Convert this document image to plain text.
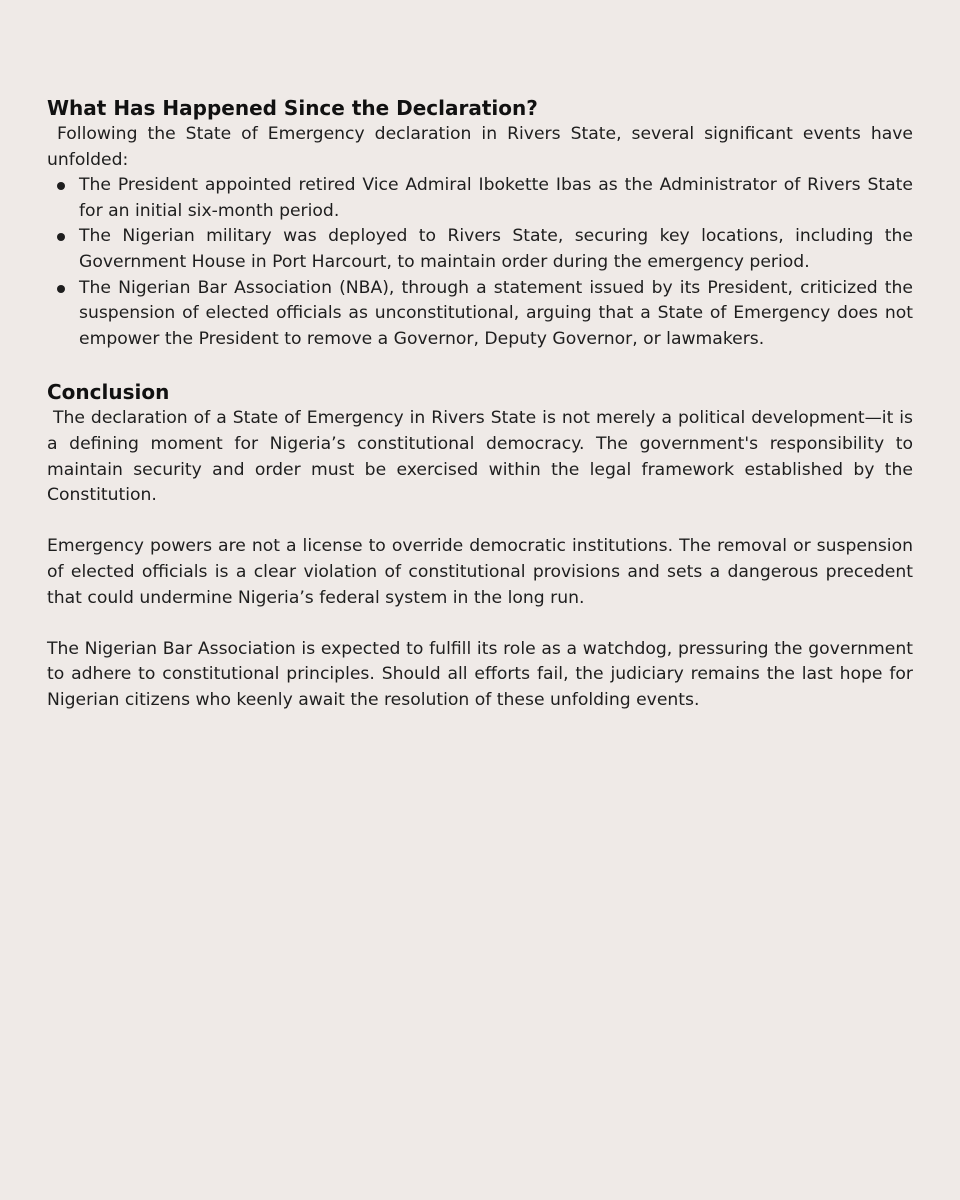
What Has Happened Since the Declaration?

Following the State of Emergency declaration in Rivers State, several significant events have unfolded:

The President appointed retired Vice Admiral Ibokette Ibas as the Administrator of Rivers State for an initial six-month period.
The Nigerian military was deployed to Rivers State, securing key locations, including the Government House in Port Harcourt, to maintain order during the emergency period.
The Nigerian Bar Association (NBA), through a statement issued by its President, criticized the suspension of elected officials as unconstitutional, arguing that a State of Emergency does not empower the President to remove a Governor, Deputy Governor, or lawmakers.
Conclusion

The declaration of a State of Emergency in Rivers State is not merely a political development—it is a defining moment for Nigeria’s constitutional democracy. The government's responsibility to maintain security and order must be exercised within the legal framework established by the Constitution.

Emergency powers are not a license to override democratic institutions. The removal or suspension of elected officials is a clear violation of constitutional provisions and sets a dangerous precedent that could undermine Nigeria’s federal system in the long run.

The Nigerian Bar Association is expected to fulfill its role as a watchdog, pressuring the government to adhere to constitutional principles. Should all efforts fail, the judiciary remains the last hope for Nigerian citizens who keenly await the resolution of these unfolding events.
